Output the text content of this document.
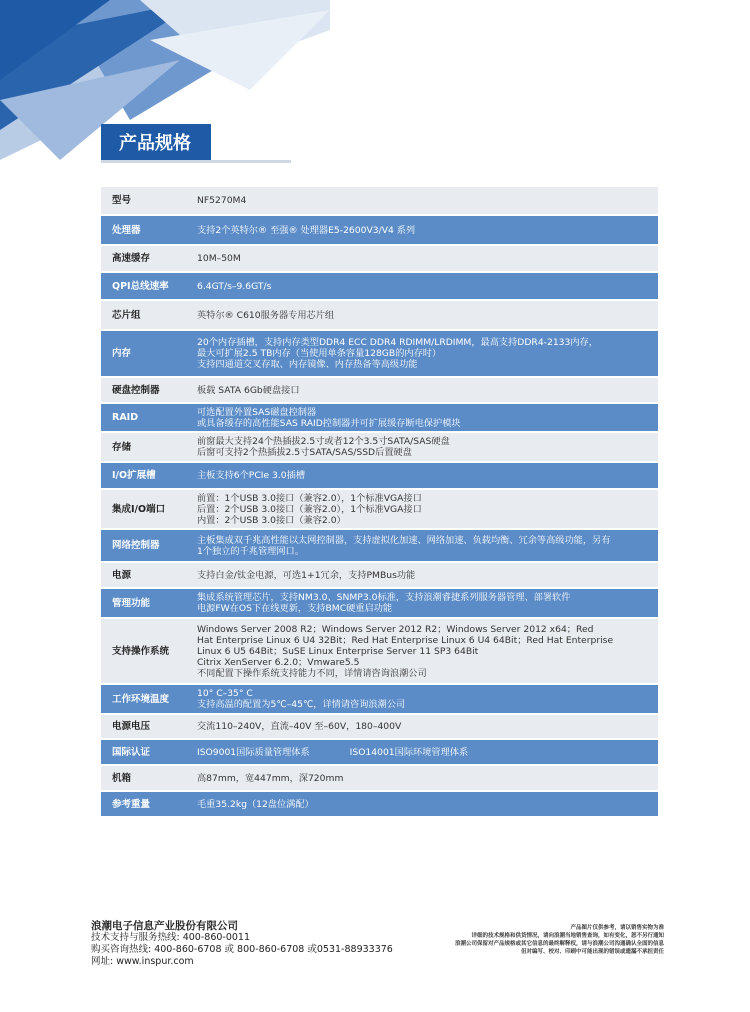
产品规格
型号	NF5270M4

处理器	支持2个英特尔® 至强® 处理器E5-2600V3/V4 系列

高速缓存	10M–50M

QPI总线速率	6.4GT/s–9.6GT/s

芯片组	英特尔® C610服务器专用芯片组

内存	20个内存插槽，支持内存类型DDR4 ECC DDR4 RDIMM/LRDIMM，最高支持DDR4-2133内存，
最大可扩展2.5 TB内存（当使用单条容量128GB的内存时）
支持四通道交叉存取、内存镜像、内存热备等高级功能

硬盘控制器	板载 SATA 6Gb硬盘接口

RAID	可选配置外置SAS磁盘控制器
或具备缓存的高性能SAS RAID控制器并可扩展缓存断电保护模块

存储	前窗最大支持24个热插拔2.5寸或者12个3.5寸SATA/SAS硬盘
后窗可支持2个热插拔2.5寸SATA/SAS/SSD后置硬盘

I/O扩展槽	主板支持6个PCIe 3.0插槽

集成I/O端口	前置：1个USB 3.0接口（兼容2.0），1个标准VGA接口
后置：2个USB 3.0接口（兼容2.0），1个标准VGA接口
内置：2个USB 3.0接口（兼容2.0）

网络控制器	主板集成双千兆高性能以太网控制器，支持虚拟化加速、网络加速、负载均衡、冗余等高级功能，另有
1个独立的千兆管理网口。

电源	支持白金/钛金电源，可选1+1冗余，支持PMBus功能

管理功能	集成系统管理芯片，支持NM3.0、SNMP3.0标准，支持浪潮睿捷系列服务器管理、部署软件
电源FW在OS下在线更新，支持BMC硬重启功能

支持操作系统	Windows Server 2008 R2；Windows Server 2012 R2；Windows Server 2012 x64；Red
Hat Enterprise Linux 6 U4 32Bit；Red Hat Enterprise Linux 6 U4 64Bit；Red Hat Enterprise
Linux 6 U5 64Bit；SuSE Linux Enterprise Server 11 SP3 64Bit
Citrix XenServer 6.2.0；Vmware5.5
不同配置下操作系统支持能力不同，详情请咨询浪潮公司

工作环境温度	10° C–35° C
支持高温的配置为5℃–45℃，详情请咨询浪潮公司

电源电压	交流110–240V，直流–40V 至–60V，180–400V

国际认证	ISO9001国际质量管理体系 ISO14001国际环境管理体系
机箱	高87mm，宽447mm，深720mm

参考重量	毛重35.2kg（12盘位满配）
浪潮电子信息产业股份有限公司
技术支持与服务热线: 400-860-0011
购买咨询热线: 400-860-6708 或 800-860-6708 或0531-88933376
网址: www.inspur.com
产品图片仅供参考，请以销售实物为准
详细的技术规格和供货情况，请向浪潮当地销售查询，如有变化，恕不另行通知
浪潮公司保留对产品规格或其它信息的最终解释权，请与浪潮公司沟通确认全面的信息
但对编写、校对、印刷中可能出现的错误或遗漏不承担责任
